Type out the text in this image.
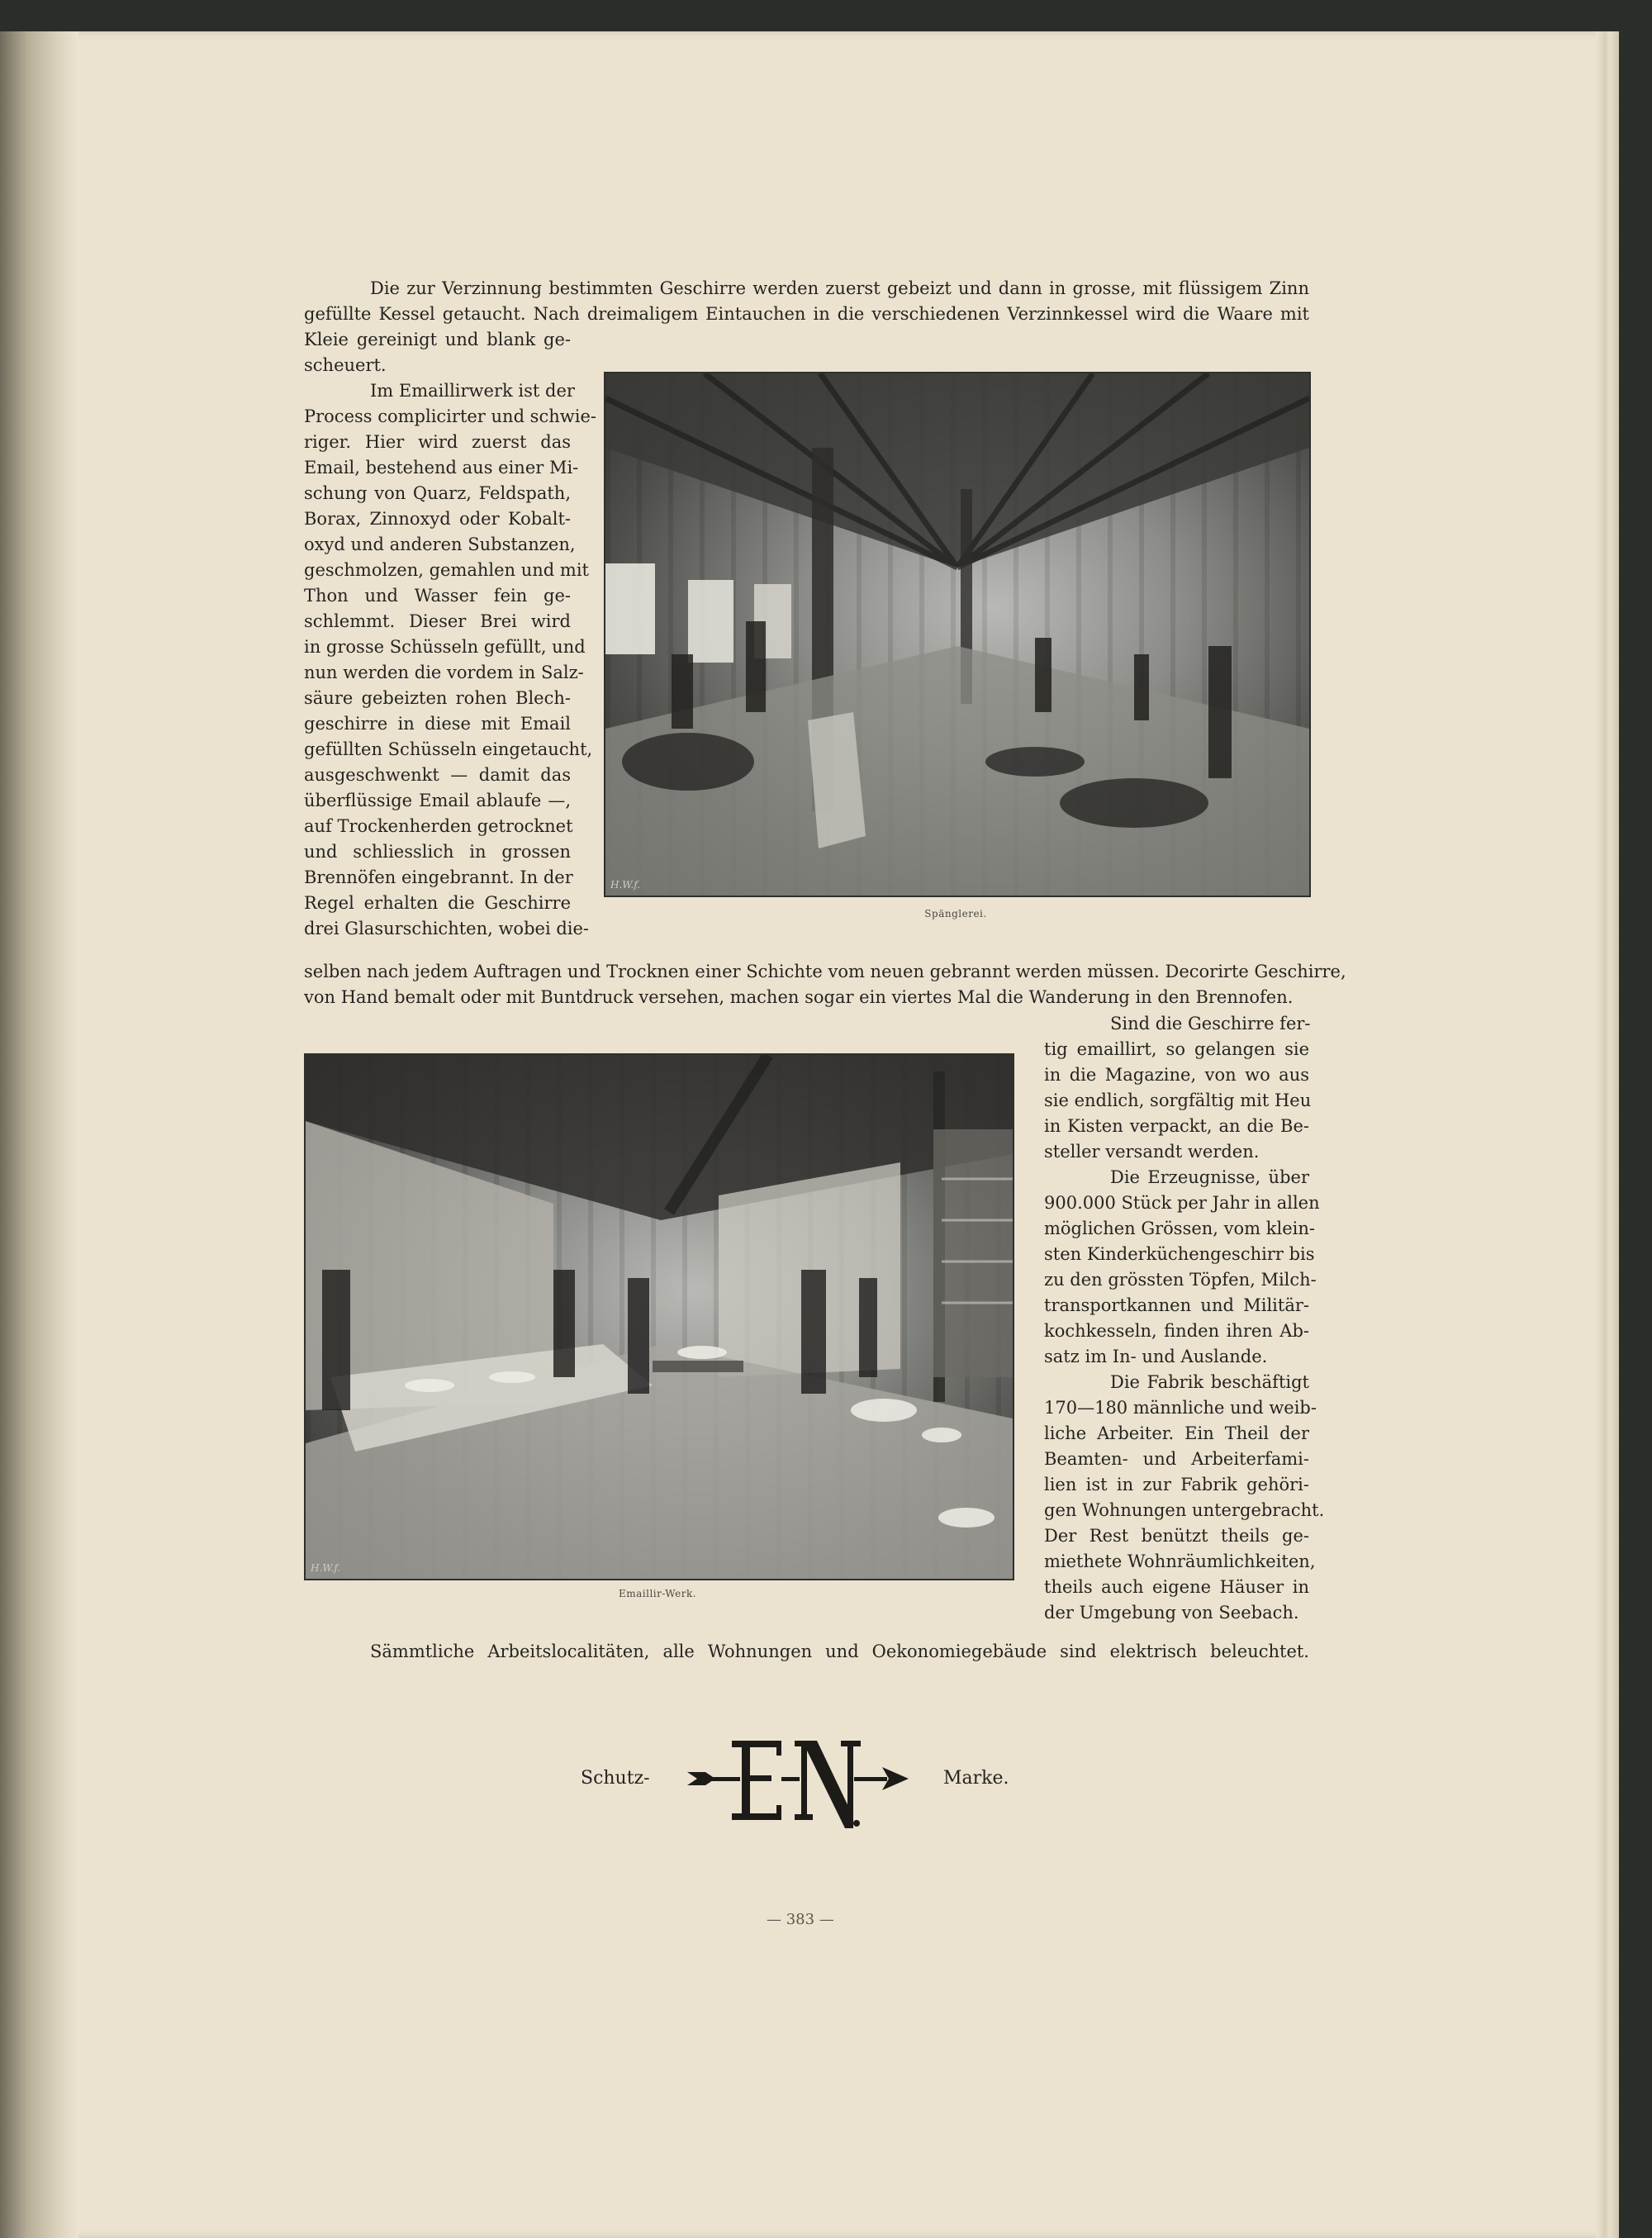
Die zur Verzinnung bestimmten Geschirre werden zuerst gebeizt und dann in grosse, mit flüssigem Zinn
gefüllte Kessel getaucht. Nach dreimaligem Eintauchen in die verschiedenen Verzinnkessel wird die Waare mit
Kleie gereinigt und blank ge-
scheuert.
Im Emaillirwerk ist der
Process complicirter und schwie-
riger. Hier wird zuerst das
Email, bestehend aus einer Mi-
schung von Quarz, Feldspath,
Borax, Zinnoxyd oder Kobalt-
oxyd und anderen Substanzen,
geschmolzen, gemahlen und mit
Thon und Wasser fein ge-
schlemmt. Dieser Brei wird
in grosse Schüsseln gefüllt, und
nun werden die vordem in Salz-
säure gebeizten rohen Blech-
geschirre in diese mit Email
gefüllten Schüsseln eingetaucht,
ausgeschwenkt — damit das
überflüssige Email ablaufe —,
auf Trockenherden getrocknet
und schliesslich in grossen
Brennöfen eingebrannt. In der
Regel erhalten die Geschirre
drei Glasurschichten, wobei die-
H.W.f.
Spänglerei.
selben nach jedem Auftragen und Trocknen einer Schichte vom neuen gebrannt werden müssen. Decorirte Geschirre,
von Hand bemalt oder mit Buntdruck versehen, machen sogar ein viertes Mal die Wanderung in den Brennofen.
H.W.f.
Emaillir-Werk.
Sind die Geschirre fer-
tig emaillirt, so gelangen sie
in die Magazine, von wo aus
sie endlich, sorgfältig mit Heu
in Kisten verpackt, an die Be-
steller versandt werden.
Die Erzeugnisse, über
900.000 Stück per Jahr in allen
möglichen Grössen, vom klein-
sten Kinderküchengeschirr bis
zu den grössten Töpfen, Milch-
transportkannen und Militär-
kochkesseln, finden ihren Ab-
satz im In- und Auslande.
Die Fabrik beschäftigt
170—180 männliche und weib-
liche Arbeiter. Ein Theil der
Beamten- und Arbeiterfami-
lien ist in zur Fabrik gehöri-
gen Wohnungen untergebracht.
Der Rest benützt theils ge-
miethete Wohnräumlichkeiten,
theils auch eigene Häuser in
der Umgebung von Seebach.
Sämmtliche Arbeitslocalitäten, alle Wohnungen und Oekonomiegebäude sind elektrisch beleuchtet.
Schutz-	Marke.
— 383 —
